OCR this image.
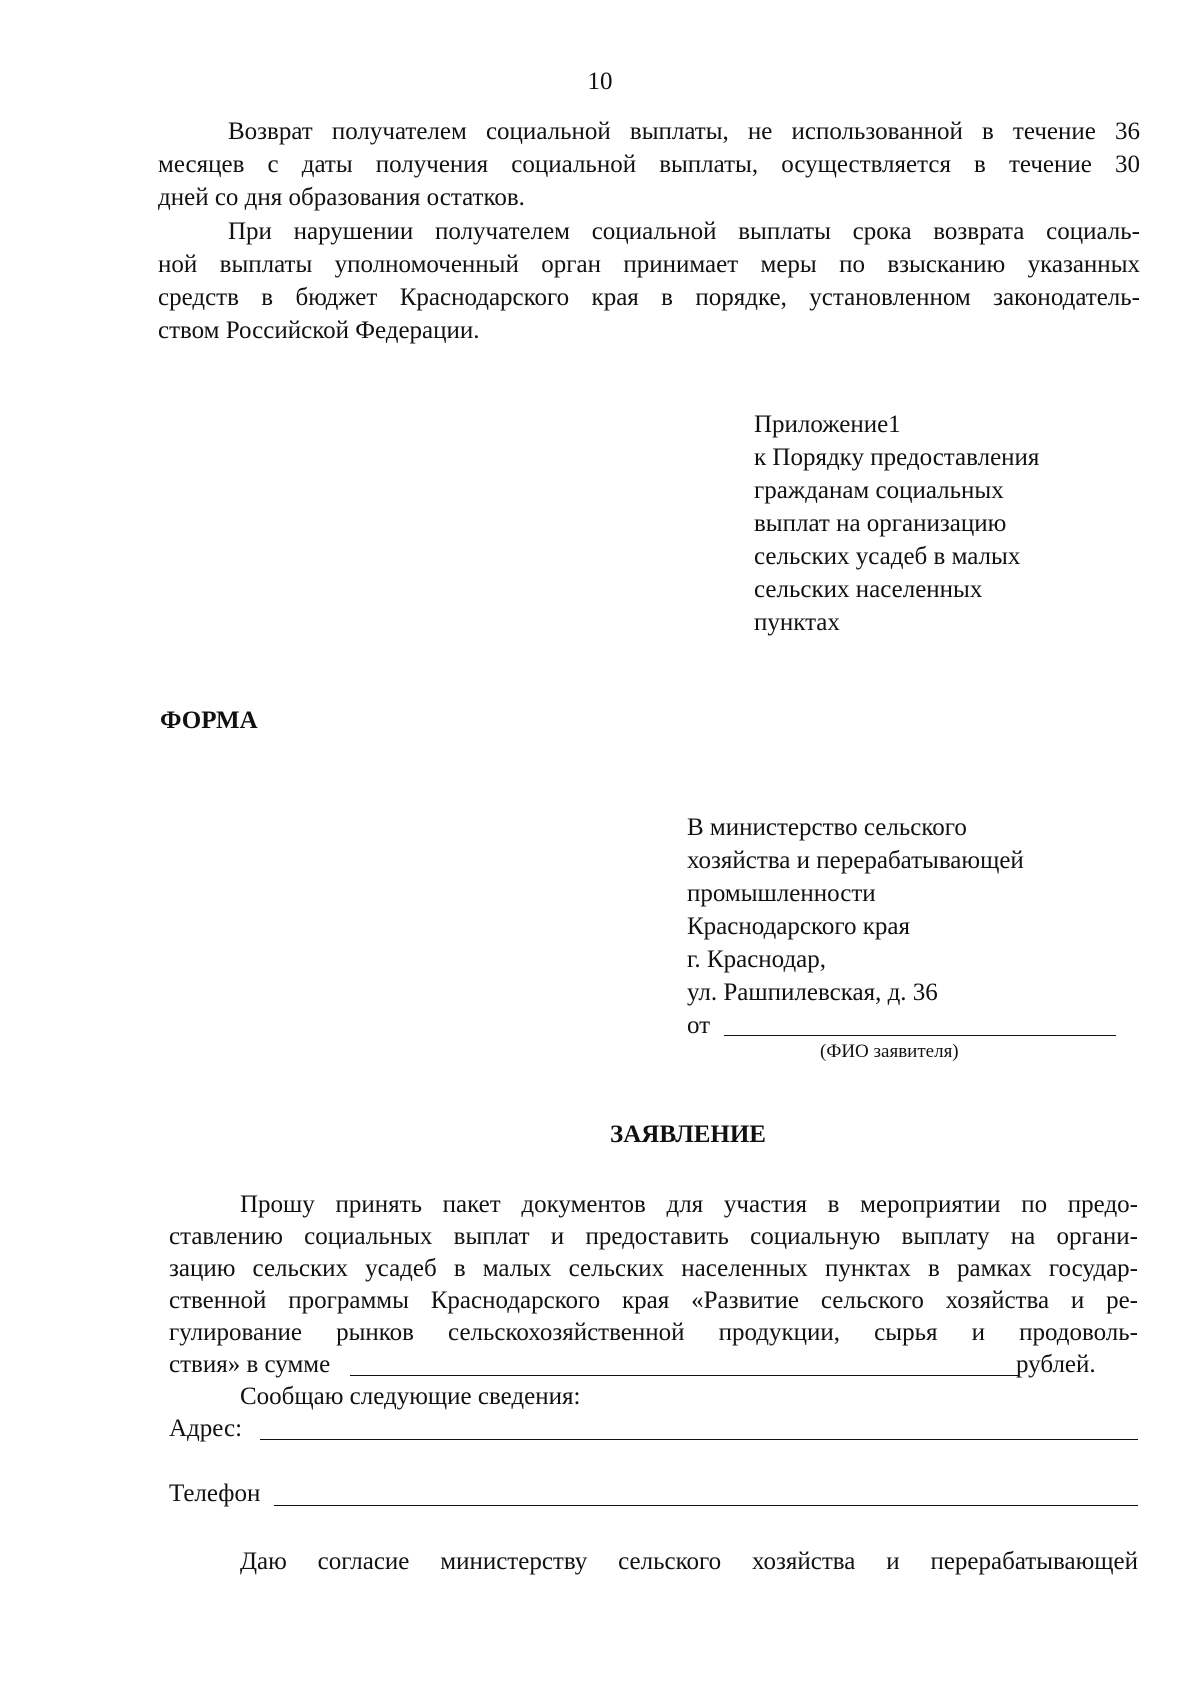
10
Возврат получателем социальной выплаты, не использованной в течение 36
месяцев с даты получения социальной выплаты, осуществляется в течение 30
дней со дня образования остатков.
При нарушении получателем социальной выплаты срока возврата социаль-
ной выплаты уполномоченный орган принимает меры по взысканию указанных
средств в бюджет Краснодарского края в порядке, установленном законодатель-
ством Российской Федерации.
Приложение1
к Порядку предоставления
гражданам социальных
выплат на организацию
сельских усадеб в малых
сельских населенных
пунктах
ФОРМА
В министерство сельского
хозяйства и перерабатывающей
промышленности
Краснодарского края
г. Краснодар,
ул. Рашпилевская, д. 36
от
(ФИО заявителя)
ЗАЯВЛЕНИЕ
Прошу принять пакет документов для участия в мероприятии по предо-
ставлению социальных выплат и предоставить социальную выплату на органи-
зацию сельских усадеб в малых сельских населенных пунктах в рамках государ-
ственной программы Краснодарского края «Развитие сельского хозяйства и ре-
гулирование рынков сельскохозяйственной продукции, сырья и продоволь-
ствия» в сумме	рублей.
Сообщаю следующие сведения:
Адрес:
Телефон
Даю согласие министерству сельского хозяйства и перерабатывающей
